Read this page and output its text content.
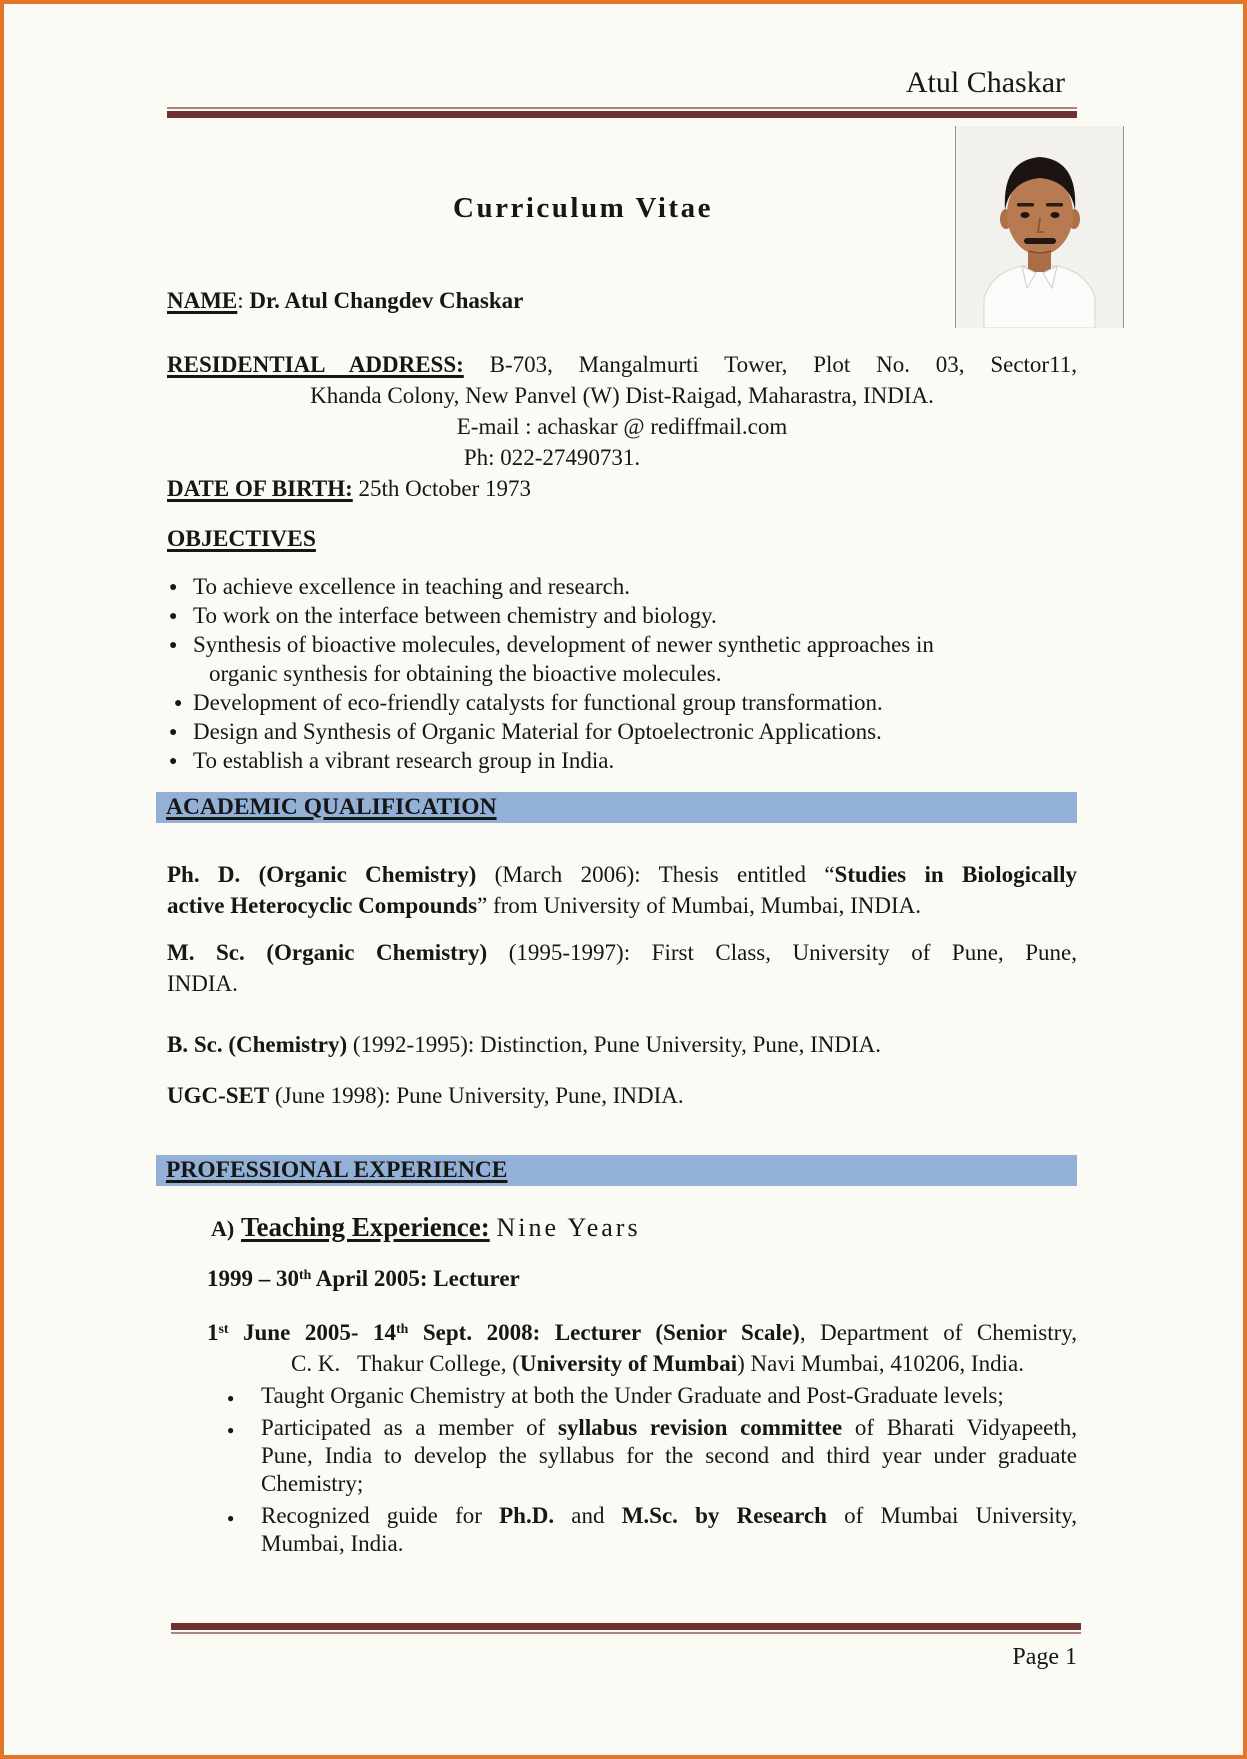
Atul Chaskar
Curriculum Vitae

NAME: Dr. Atul Changdev Chaskar

RESIDENTIAL ADDRESS: B-703, Mangalmurti Tower, Plot No. 03, Sector11,
Khanda Colony, New Panvel (W) Dist-Raigad, Maharastra, INDIA.
E-mail : achaskar @ rediffmail.com
Ph: 022-27490731.
DATE OF BIRTH: 25th October 1973

OBJECTIVES

● To achieve excellence in teaching and research.
● To work on the interface between chemistry and biology.
● Synthesis of bioactive molecules, development of newer synthetic approaches in
organic synthesis for obtaining the bioactive molecules.
● Development of eco-friendly catalysts for functional group transformation.
● Design and Synthesis of Organic Material for Optoelectronic Applications.
● To establish a vibrant research group in India.
ACADEMIC QUALIFICATION

Ph. D. (Organic Chemistry) (March 2006): Thesis entitled “Studies in Biologically
active Heterocyclic Compounds” from University of Mumbai, Mumbai, INDIA.

M. Sc. (Organic Chemistry) (1995-1997): First Class, University of Pune, Pune,
INDIA.

B. Sc. (Chemistry) (1992-1995): Distinction, Pune University, Pune, INDIA.

UGC-SET (June 1998): Pune University, Pune, INDIA.

PROFESSIONAL EXPERIENCE

A) Teaching Experience: Nine Years

1999 – 30th April 2005: Lecturer

1st June 2005- 14th Sept. 2008: Lecturer (Senior Scale), Department of Chemistry,
C. K.   Thakur College, (University of Mumbai) Navi Mumbai, 410206, India.
● Taught Organic Chemistry at both the Under Graduate and Post-Graduate levels;
● Participated as a member of syllabus revision committee of Bharati Vidyapeeth,
Pune, India to develop the syllabus for the second and third year under graduate
Chemistry;
● Recognized guide for Ph.D. and M.Sc. by Research of Mumbai University,
Mumbai, India.
Page 1
